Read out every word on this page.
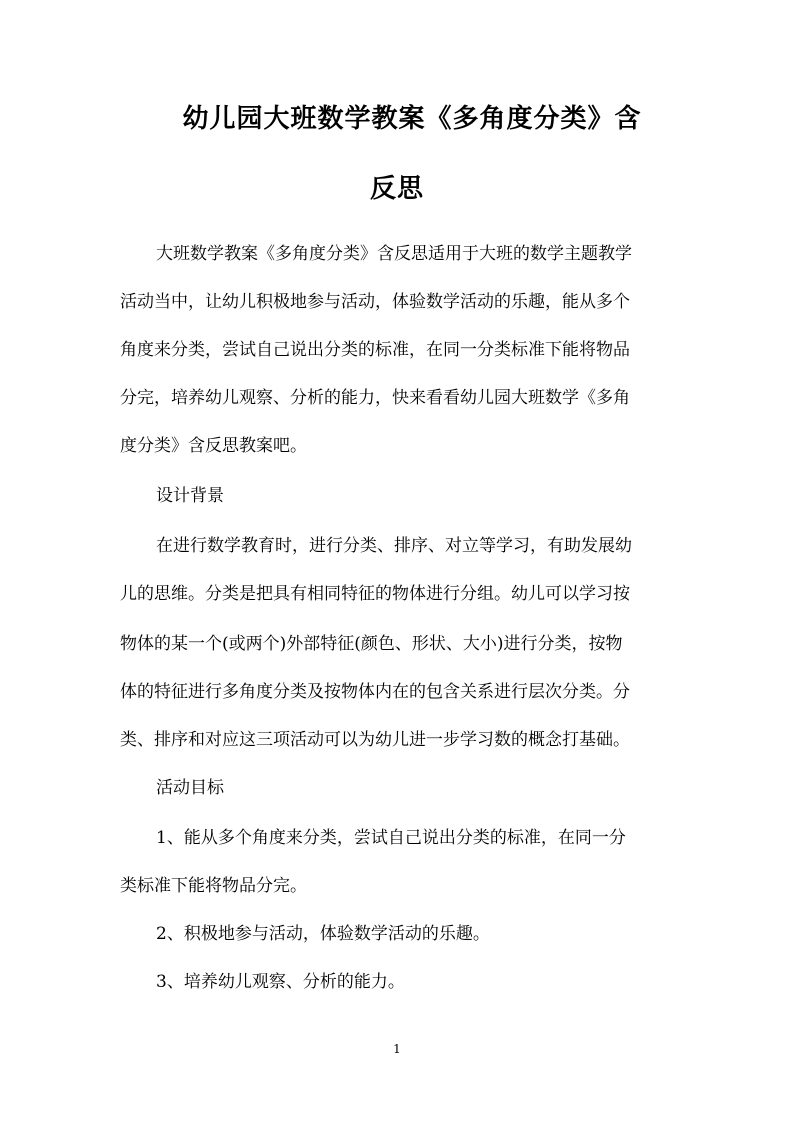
幼儿园大班数学教案《多角度分类》含
反思
大班数学教案《多角度分类》含反思适用于大班的数学主题教学
活动当中，让幼儿积极地参与活动，体验数学活动的乐趣，能从多个
角度来分类，尝试自己说出分类的标准，在同一分类标准下能将物品
分完，培养幼儿观察、分析的能力，快来看看幼儿园大班数学《多角
度分类》含反思教案吧。
设计背景
在进行数学教育时，进行分类、排序、对立等学习，有助发展幼
儿的思维。分类是把具有相同特征的物体进行分组。幼儿可以学习按
物体的某一个(或两个)外部特征(颜色、形状、大小)进行分类，按物
体的特征进行多角度分类及按物体内在的包含关系进行层次分类。分
类、排序和对应这三项活动可以为幼儿进一步学习数的概念打基础。
活动目标
1、能从多个角度来分类，尝试自己说出分类的标准，在同一分
类标准下能将物品分完。
2、积极地参与活动，体验数学活动的乐趣。
3、培养幼儿观察、分析的能力。
1
